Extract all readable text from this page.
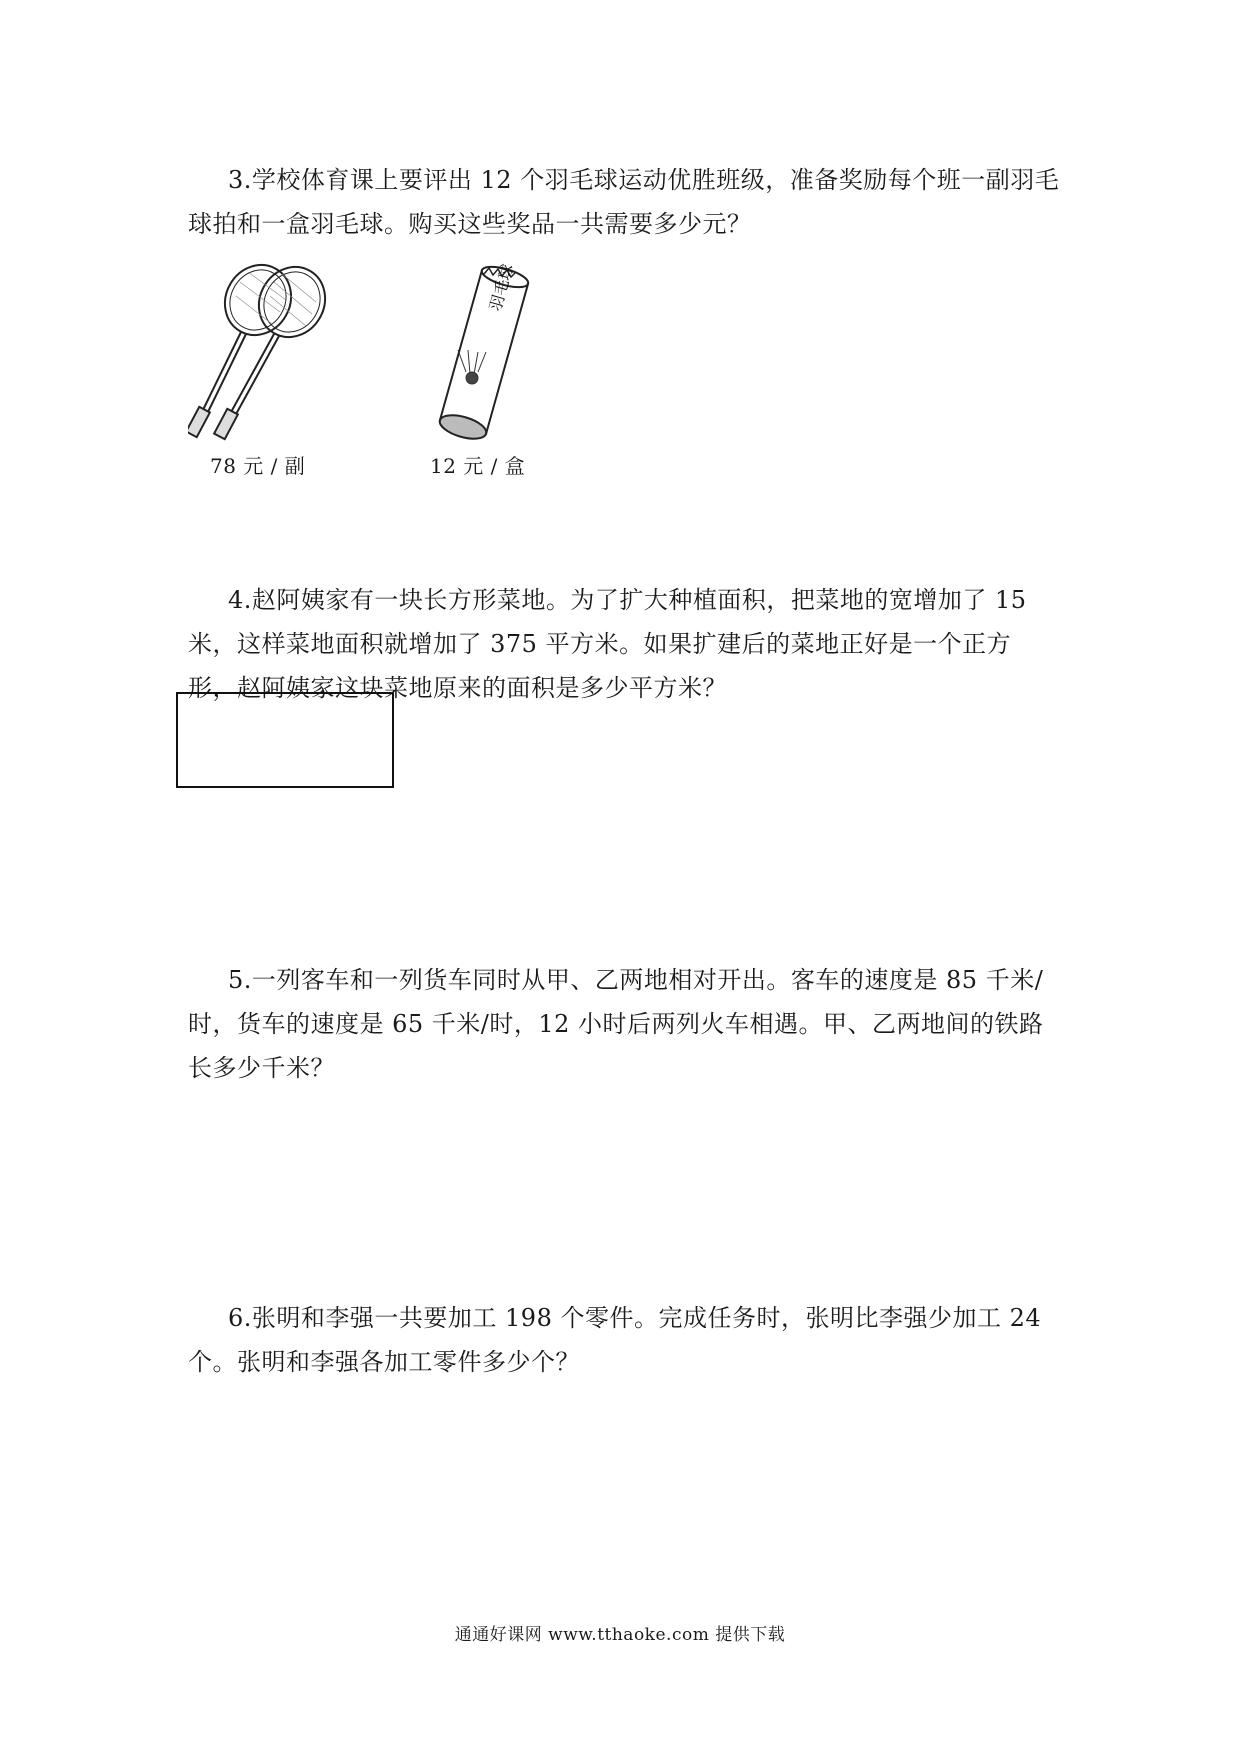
3.学校体育课上要评出 12 个羽毛球运动优胜班级，准备奖励每个班一副羽毛球拍和一盒羽毛球。购买这些奖品一共需要多少元？

78 元 / 副
羽毛球
12 元 / 盒

4.赵阿姨家有一块长方形菜地。为了扩大种植面积，把菜地的宽增加了 15 米，这样菜地面积就增加了 375 平方米。如果扩建后的菜地正好是一个正方形，赵阿姨家这块菜地原来的面积是多少平方米？

5.一列客车和一列货车同时从甲、乙两地相对开出。客车的速度是 85 千米/时，货车的速度是 65 千米/时，12 小时后两列火车相遇。甲、乙两地间的铁路长多少千米？

6.张明和李强一共要加工 198 个零件。完成任务时，张明比李强少加工 24 个。张明和李强各加工零件多少个？

通通好课网 www.tthaoke.com 提供下载
